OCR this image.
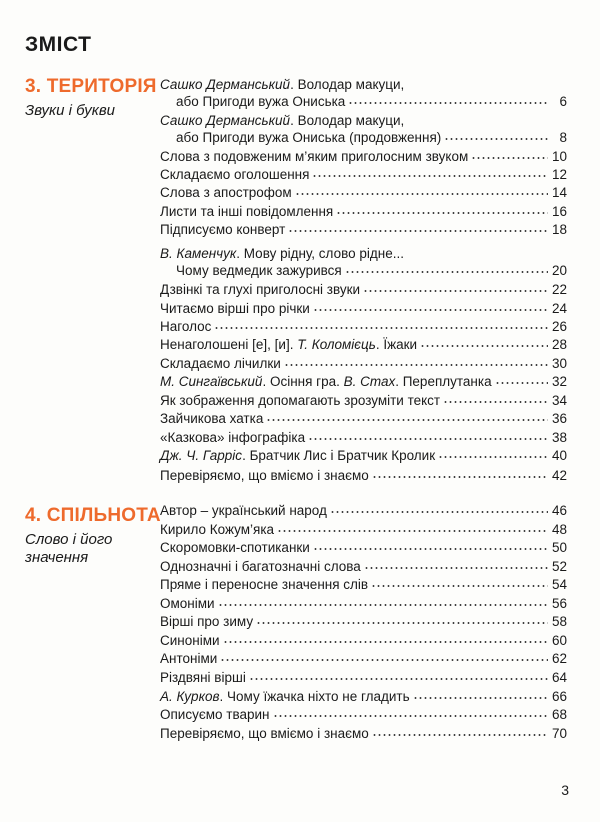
ЗМІСТ
3. ТЕРИТОРІЯ
Звуки і букви
4. СПІЛЬНОТА
Слово і його
значення
Сашко Дерманський . Володар макуци,
або Пригоди вужа Ониська	6
Сашко Дерманський . Володар макуци,
або Пригоди вужа Ониська (продовження)	8
Слова з подовженим м’яким приголосним звуком	10
Складаємо оголошення	12
Слова з апострофом	14
Листи та інші повідомлення	16
Підписуємо конверт	18
В. Каменчук . Мову рідну, слово рідне...
Чому ведмедик зажурився	20
Дзвінкі та глухі приголосні звуки	22
Читаємо вірші про річки	24
Наголос	26
Ненаголошені [е], [и]. Т. Коломієць . Їжаки	28
Складаємо лічилки	30
М. Сингаївський . Осіння гра. В. Стах . Переплутанка	32
Як зображення допомагають зрозуміти текст	34
Зайчикова хатка	36
«Казкова» інфографіка	38
Дж. Ч. Гарріс . Братчик Лис і Братчик Кролик	40
Перевіряємо, що вміємо і знаємо	42
Автор – український народ	46
Кирило Кожум’яка	48
Скоромовки-спотиканки	50
Однозначні і багатозначні слова	52
Пряме і переносне значення слів	54
Омоніми	56
Вірші про зиму	58
Синоніми	60
Антоніми	62
Різдвяні вірші	64
А. Курков . Чому їжачка ніхто не гладить	66
Описуємо тварин	68
Перевіряємо, що вміємо і знаємо	70
3
